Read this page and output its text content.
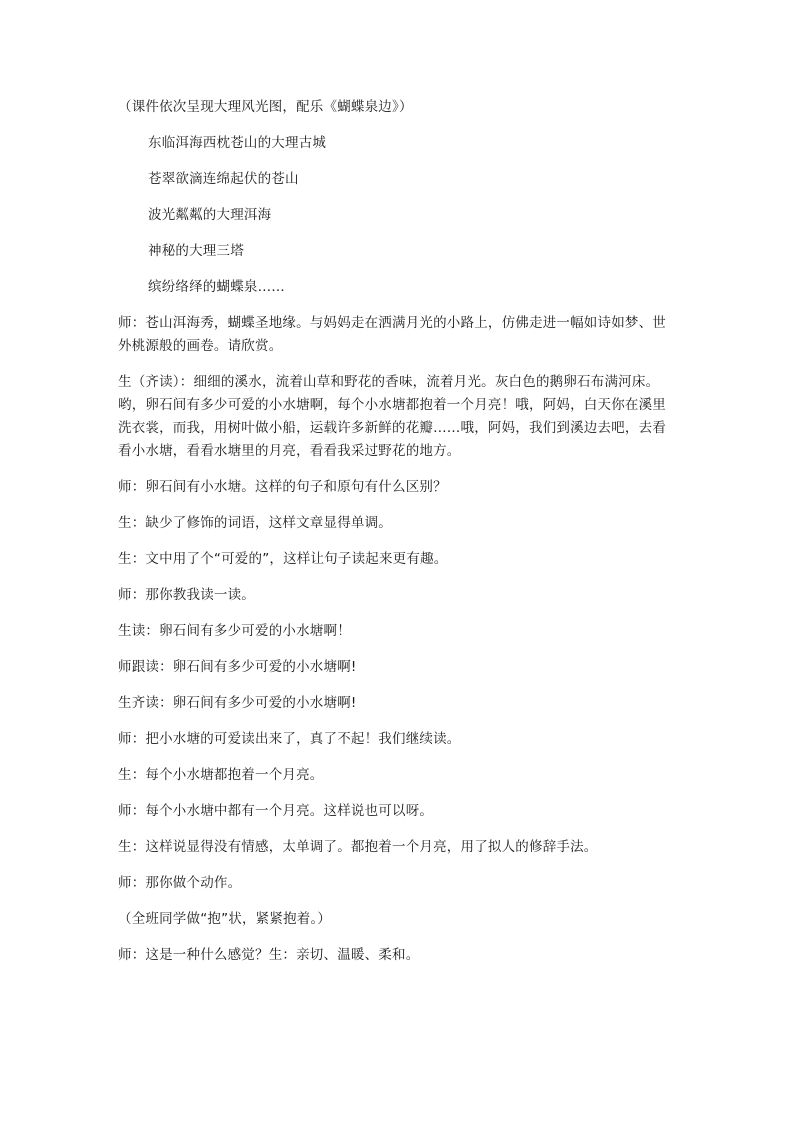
（课件依次呈现大理风光图，配乐《蝴蝶泉边》）

东临洱海西枕苍山的大理古城

苍翠欲滴连绵起伏的苍山

波光粼粼的大理洱海

神秘的大理三塔

缤纷络绎的蝴蝶泉……

师：苍山洱海秀，蝴蝶圣地缘。与妈妈走在洒满月光的小路上，仿佛走进一幅如诗如梦、世外桃源般的画卷。请欣赏。

生（齐读）：细细的溪水，流着山草和野花的香味，流着月光。灰白色的鹅卵石布满河床。哟，卵石间有多少可爱的小水塘啊，每个小水塘都抱着一个月亮！哦，阿妈，白天你在溪里洗衣裳，而我，用树叶做小船，运载许多新鲜的花瓣……哦，阿妈，我们到溪边去吧，去看看小水塘，看看水塘里的月亮，看看我采过野花的地方。

师：卵石间有小水塘。这样的句子和原句有什么区别？

生：缺少了修饰的词语，这样文章显得单调。

生：文中用了个“可爱的”，这样让句子读起来更有趣。

师：那你教我读一读。

生读：卵石间有多少可爱的小水塘啊！

师跟读：卵石间有多少可爱的小水塘啊!

生齐读：卵石间有多少可爱的小水塘啊!

师：把小水塘的可爱读出来了，真了不起！我们继续读。

生：每个小水塘都抱着一个月亮。

师：每个小水塘中都有一个月亮。这样说也可以呀。

生：这样说显得没有情感，太单调了。都抱着一个月亮，用了拟人的修辞手法。

师：那你做个动作。

（全班同学做“抱”状，紧紧抱着。）

师：这是一种什么感觉？生：亲切、温暖、柔和。
